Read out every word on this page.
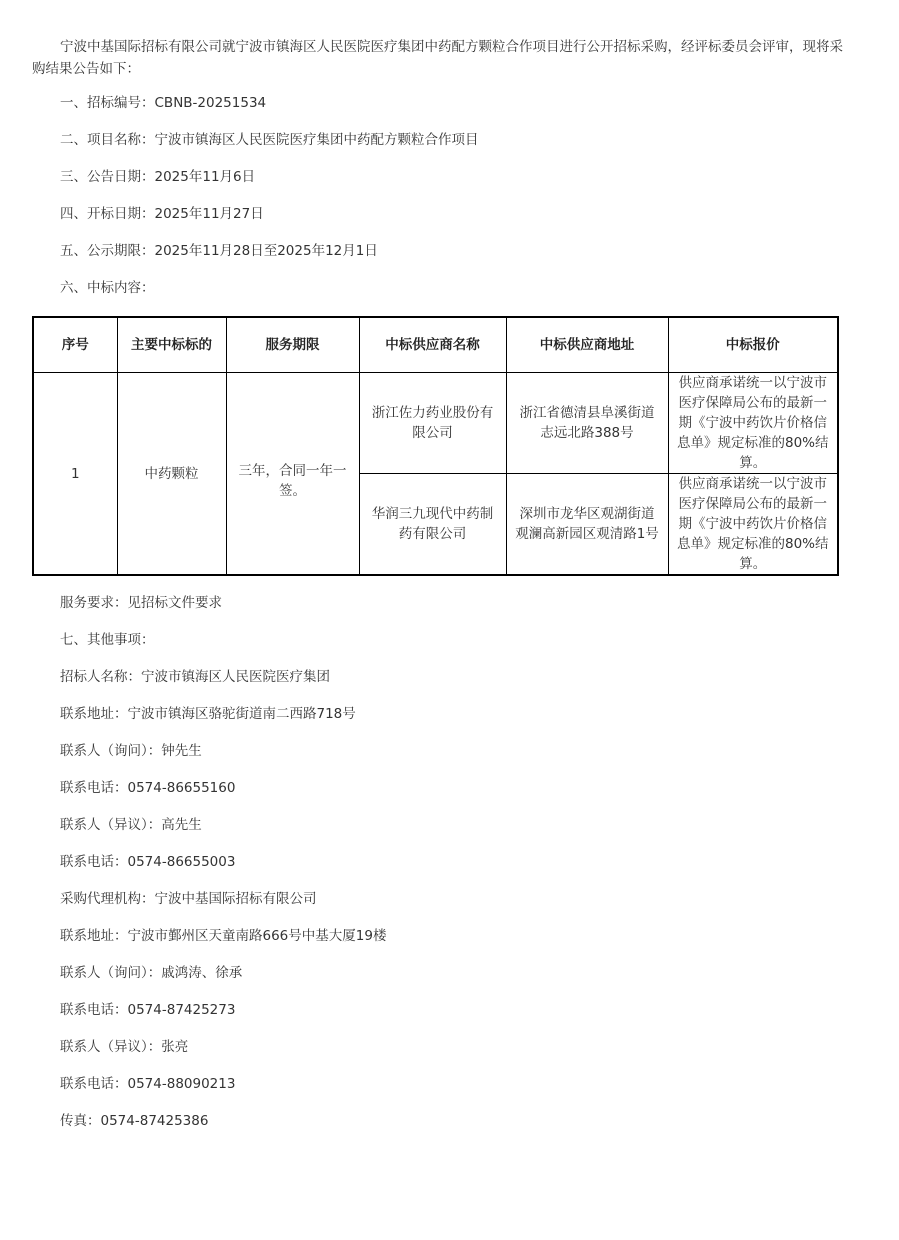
宁波中基国际招标有限公司就宁波市镇海区人民医院医疗集团中药配方颗粒合作项目进行公开招标采购，经评标委员会评审，现将采购结果公告如下：

一、招标编号：CBNB-20251534

二、项目名称：宁波市镇海区人民医院医疗集团中药配方颗粒合作项目

三、公告日期：2025年11月6日

四、开标日期：2025年11月27日

五、公示期限：2025年11月28日至2025年12月1日

六、中标内容：

序号	主要中标标的	服务期限	中标供应商名称	中标供应商地址	中标报价
1	中药颗粒	三年，合同一年一签。	浙江佐力药业股份有限公司	浙江省德清县阜溪街道志远北路388号	供应商承诺统一以宁波市医疗保障局公布的最新一期《宁波中药饮片价格信息单》规定标准的80%结算。
			华润三九现代中药制药有限公司	深圳市龙华区观湖街道观澜高新园区观清路1号	供应商承诺统一以宁波市医疗保障局公布的最新一期《宁波中药饮片价格信息单》规定标准的80%结算。

服务要求：见招标文件要求

七、其他事项：

招标人名称：宁波市镇海区人民医院医疗集团

联系地址：宁波市镇海区骆驼街道南二西路718号

联系人（询问）：钟先生

联系电话：0574-86655160

联系人（异议）：高先生

联系电话：0574-86655003

采购代理机构：宁波中基国际招标有限公司

联系地址：宁波市鄞州区天童南路666号中基大厦19楼

联系人（询问）：戚鸿涛、徐承

联系电话：0574-87425273

联系人（异议）：张亮

联系电话：0574-88090213

传真：0574-87425386
